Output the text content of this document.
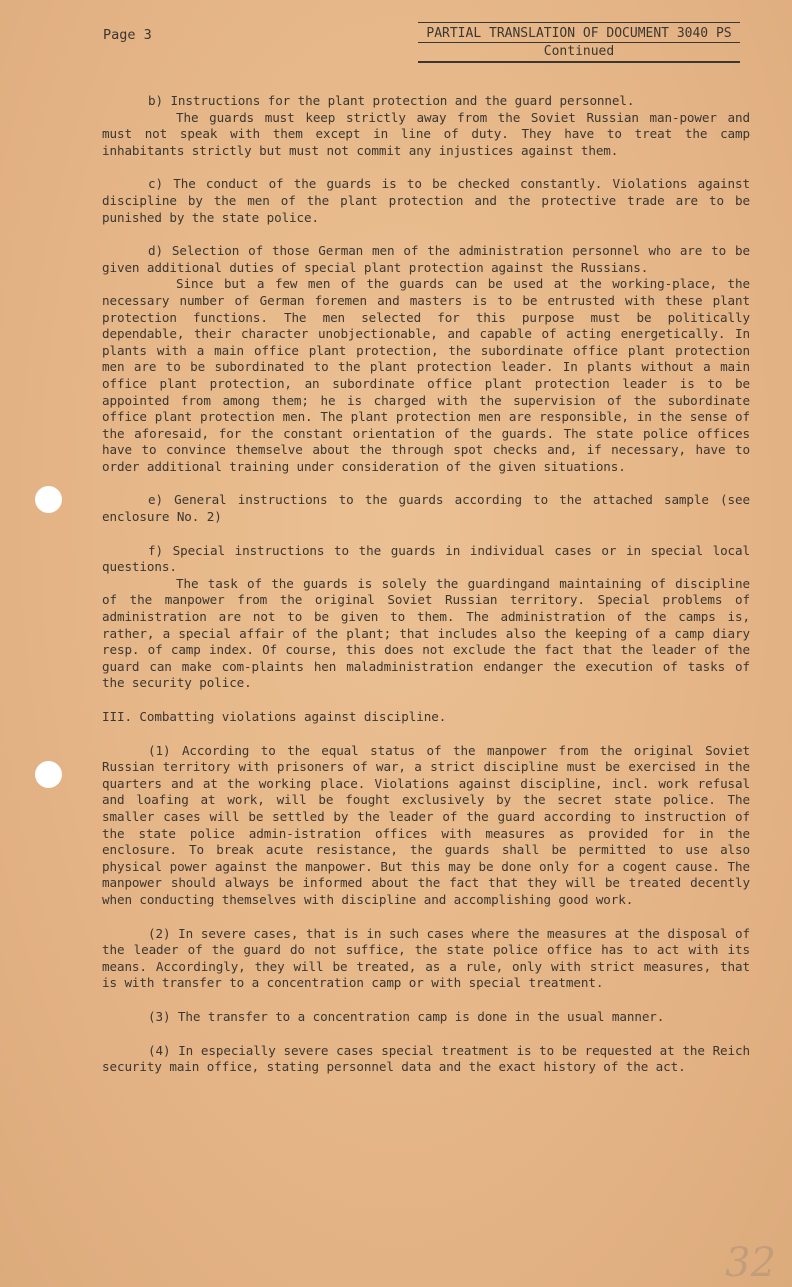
Page 3	PARTIAL TRANSLATION OF DOCUMENT 3040 PS
Continued

b) Instructions for the plant protection and the guard personnel.

The guards must keep strictly away from the Soviet Russian man-power and must not speak with them except in line of duty. They have to treat the camp inhabitants strictly but must not commit any injustices against them.

c) The conduct of the guards is to be checked constantly. Violations against discipline by the men of the plant protection and the protective trade are to be punished by the state police.

d) Selection of those German men of the administration personnel who are to be given additional duties of special plant protection against the Russians.

Since but a few men of the guards can be used at the working-place, the necessary number of German foremen and masters is to be entrusted with these plant protection functions. The men selected for this purpose must be politically dependable, their character unobjectionable, and capable of acting energetically. In plants with a main office plant protection, the subordinate office plant protection men are to be subordinated to the plant protection leader. In plants without a main office plant protection, an subordinate office plant protection leader is to be appointed from among them; he is charged with the supervision of the subordinate office plant protection men. The plant protection men are responsible, in the sense of the aforesaid, for the constant orientation of the guards. The state police offices have to convince themselve about the through spot checks and, if necessary, have to order additional training under consideration of the given situations.

e) General instructions to the guards according to the attached sample (see enclosure No. 2)

f) Special instructions to the guards in individual cases or in special local questions.

The task of the guards is solely the guardingand maintaining of discipline of the manpower from the original Soviet Russian territory. Special problems of administration are not to be given to them. The administration of the camps is, rather, a special affair of the plant; that includes also the keeping of a camp diary resp. of camp index. Of course, this does not exclude the fact that the leader of the guard can make com-plaints hen maladministration endanger the execution of tasks of the security police.

III. Combatting violations against discipline.

(1) According to the equal status of the manpower from the original Soviet Russian territory with prisoners of war, a strict discipline must be exercised in the quarters and at the working place. Violations against discipline, incl. work refusal and loafing at work, will be fought exclusively by the secret state police. The smaller cases will be settled by the leader of the guard according to instruction of the state police admin-istration offices with measures as provided for in the enclosure. To break acute resistance, the guards shall be permitted to use also physical power against the manpower. But this may be done only for a cogent cause. The manpower should always be informed about the fact that they will be treated decently when conducting themselves with discipline and accomplishing good work.

(2) In severe cases, that is in such cases where the measures at the disposal of the leader of the guard do not suffice, the state police office has to act with its means. Accordingly, they will be treated, as a rule, only with strict measures, that is with transfer to a concentration camp or with special treatment.

(3) The transfer to a concentration camp is done in the usual manner.

(4) In especially severe cases special treatment is to be requested at the Reich security main office, stating personnel data and the exact history of the act.

32
